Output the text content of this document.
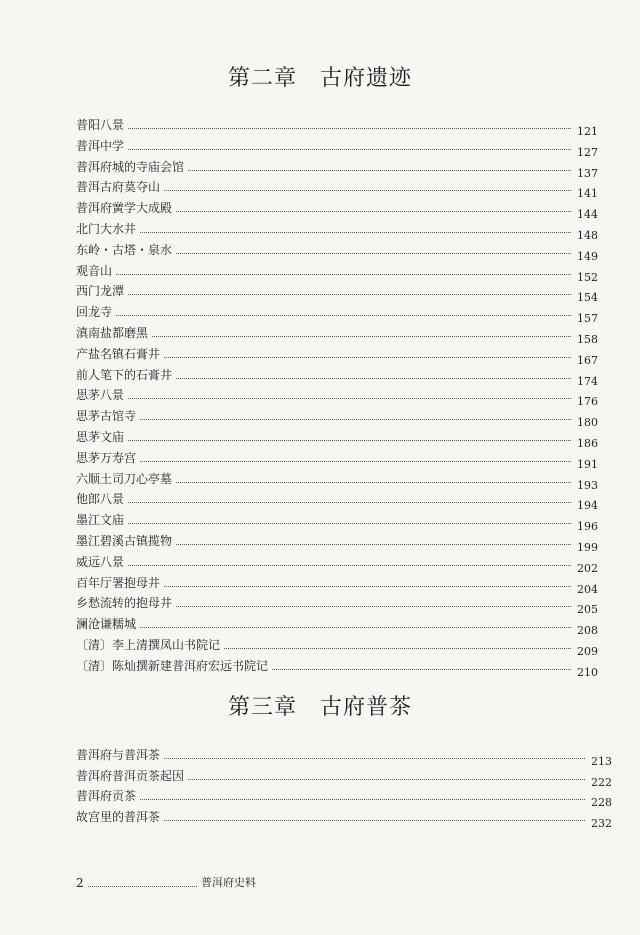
第二章　古府遗迹
普阳八景	121
普洱中学	127
普洱府城的寺庙会馆	137
普洱古府莫夺山	141
普洱府黉学大成殿	144
北门大水井	148
东岭・古塔・泉水	149
观音山	152
西门龙潭	154
回龙寺	157
滇南盐都磨黑	158
产盐名镇石膏井	167
前人笔下的石膏井	174
思茅八景	176
思茅古馆寺	180
思茅文庙	186
思茅万寿宫	191
六顺土司刀心亭墓	193
他郎八景	194
墨江文庙	196
墨江碧溪古镇揽物	199
威远八景	202
百年厅署抱母井	204
乡愁流转的抱母井	205
澜沧谦糯城	208
〔清〕李上清撰凤山书院记	209
〔清〕陈灿撰新建普洱府宏远书院记	210
第三章　古府普茶
普洱府与普洱茶	213
普洱府普洱贡茶起因	222
普洱府贡茶	228
故宫里的普洱茶	232
2	普洱府史料
